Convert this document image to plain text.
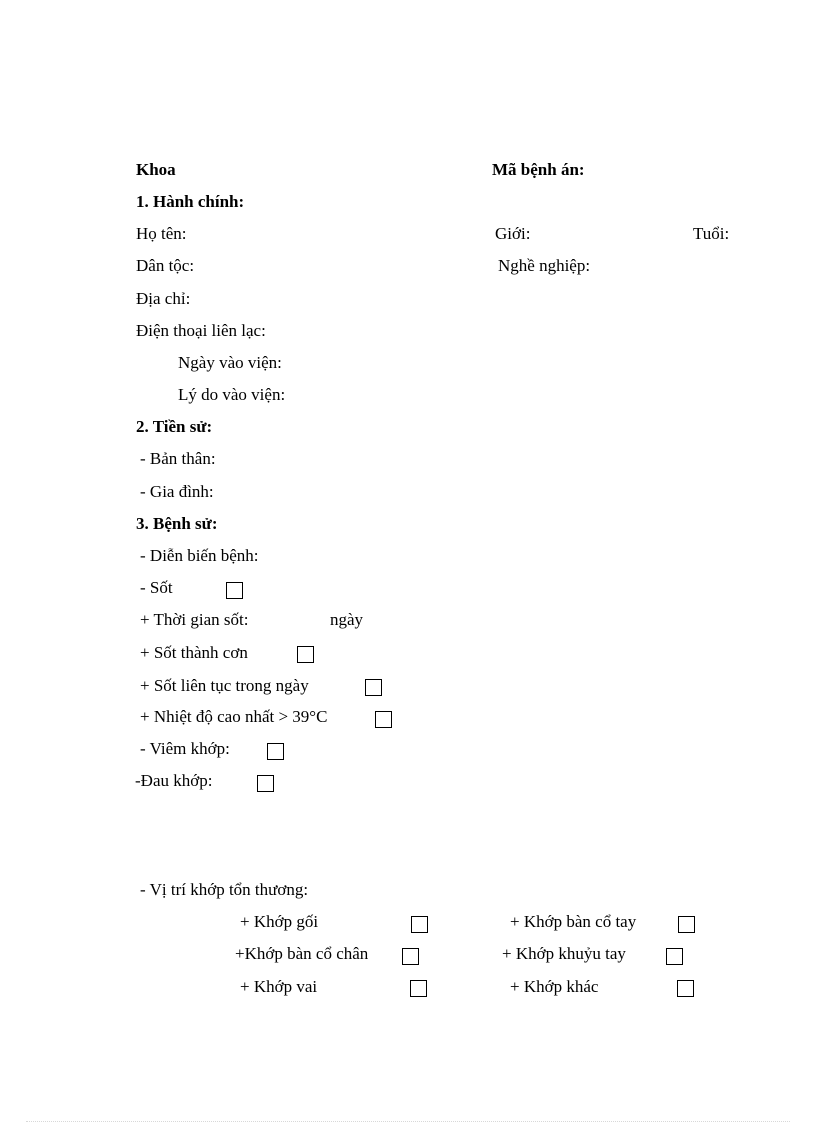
Khoa	Mã bệnh án:
1. Hành chính:
Họ tên:	Giới:	Tuổi:
Dân tộc:	Nghề nghiệp:
Địa chỉ:
Điện thoại liên lạc:
Ngày vào viện:
Lý do vào viện:
2. Tiền sử:
- Bản thân:
- Gia đình:
3. Bệnh sử:
- Diễn biến bệnh:
- Sốt
+ Thời gian sốt:	ngày
+ Sốt thành cơn
+ Sốt liên tục trong ngày
+ Nhiệt độ cao nhất > 39°C
- Viêm khớp:
-Đau khớp:
- Vị trí khớp tổn thương:
+ Khớp gối	+ Khớp bàn cổ tay
+Khớp bàn cổ chân	+ Khớp khuỷu tay
+ Khớp vai	+ Khớp khác
